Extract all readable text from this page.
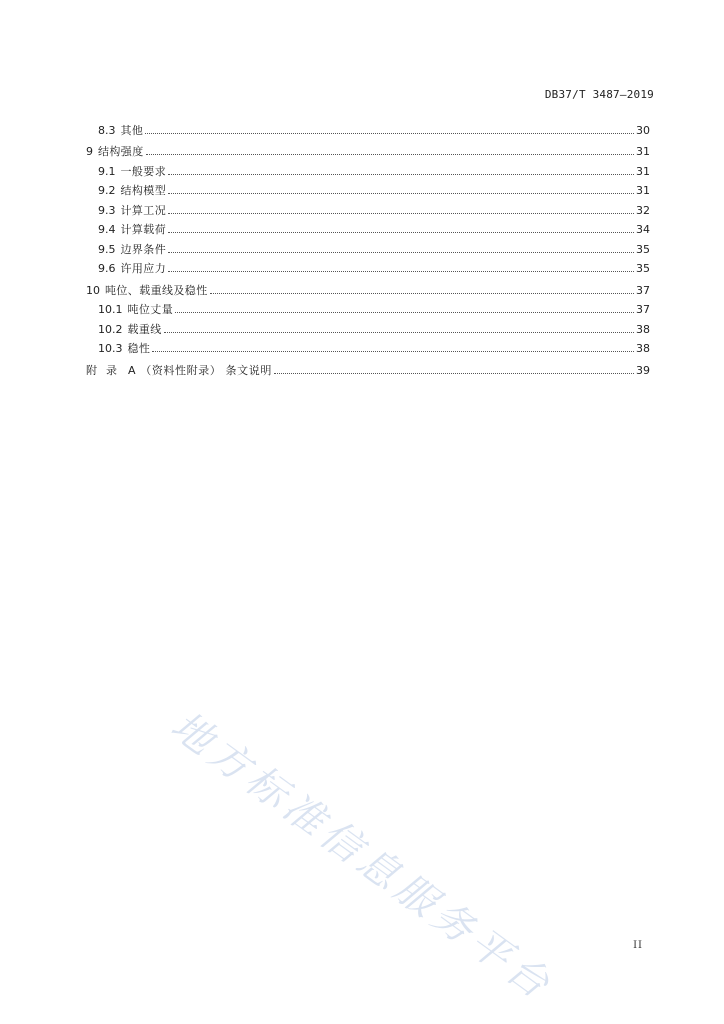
DB37/T 3487—2019
8.3 其他	30
9 结构强度	31
9.1 一般要求	31
9.2 结构模型	31
9.3 计算工况	32
9.4 计算载荷	34
9.5 边界条件	35
9.6 许用应力	35
10 吨位、载重线及稳性	37
10.1 吨位丈量	37
10.2 载重线	38
10.3 稳性	38
附录 A （资料性附录） 条文说明	39
地方标准信息服务平台	II
